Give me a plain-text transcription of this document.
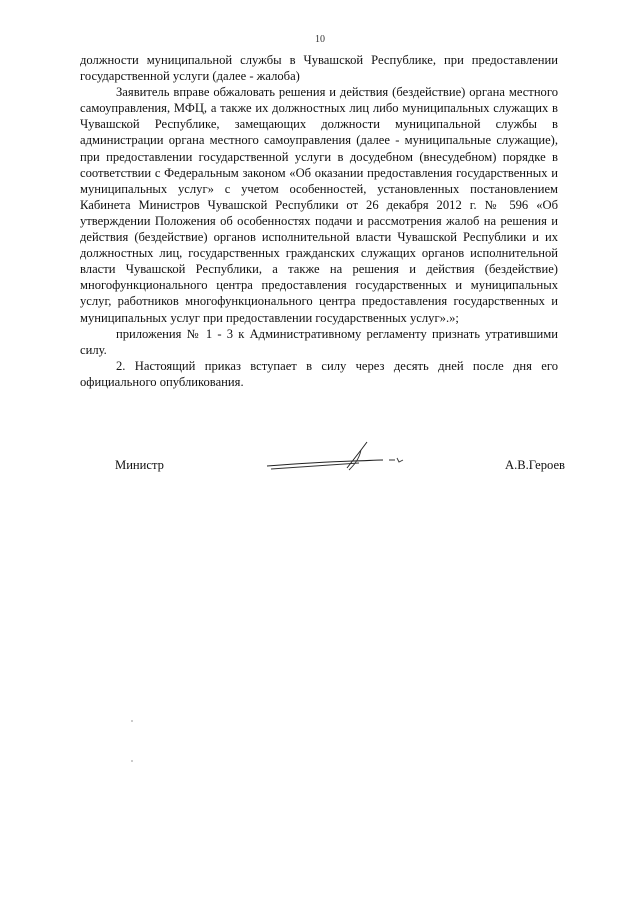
10

должности муниципальной службы в Чувашской Республике, при предоставлении государственной услуги (далее - жалоба)

Заявитель вправе обжаловать решения и действия (бездействие) органа местного самоуправления, МФЦ, а также их должностных лиц либо муниципальных служащих в Чувашской Республике, замещающих должности муниципальной службы в администрации органа местного самоуправления (далее - муниципальные служащие), при предоставлении государственной услуги в досудебном (внесудебном) порядке в соответствии с Федеральным законом «Об оказании предоставления государственных и муниципальных услуг» с учетом особенностей, установленных постановлением Кабинета Министров Чувашской Республики от 26 декабря 2012 г. № 596 «Об утверждении Положения об особенностях подачи и рассмотрения жалоб на решения и действия (бездействие) органов исполнительной власти Чувашской Республики и их должностных лиц, государственных гражданских служащих органов исполнительной власти Чувашской Республики, а также на решения и действия (бездействие) многофункционального центра предоставления государственных и муниципальных услуг, работников многофункционального центра предоставления государственных и муниципальных услуг при предоставлении государственных услуг».»;

приложения № 1 - 3 к Административному регламенту признать утратившими силу.

2. Настоящий приказ вступает в силу через десять дней после дня его официального опубликования.

Министр	А.В.Героев
